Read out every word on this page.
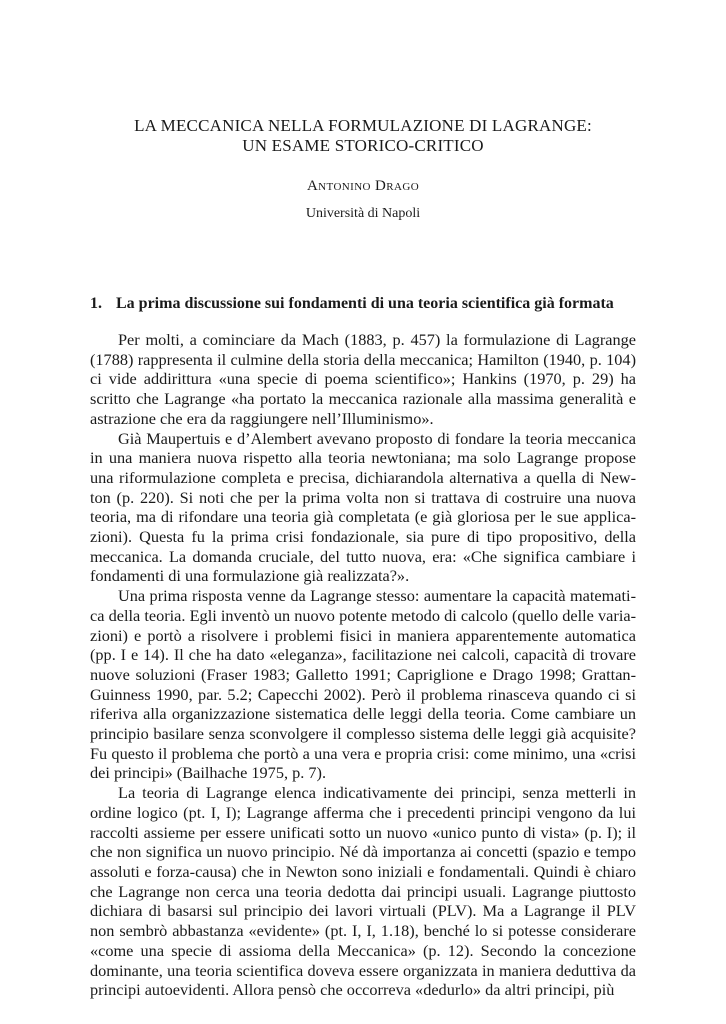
LA MECCANICA NELLA FORMULAZIONE DI LAGRANGE:
UN ESAME STORICO-CRITICO
Antonino Drago
Università di Napoli
1. La prima discussione sui fondamenti di una teoria scientifica già formata

Per molti, a cominciare da Mach (1883, p. 457) la formulazione di Lagrange (1788) rappresenta il culmine della storia della meccanica; Hamilton (1940, p. 104) ci vide addirittura «una specie di poema scientifico»; Hankins (1970, p. 29) ha scritto che Lagrange «ha portato la meccanica razionale alla massima generalità e astrazione che era da raggiungere nell’Illuminismo».

Già Maupertuis e d’Alembert avevano proposto di fondare la teoria meccanica in una maniera nuova rispetto alla teoria newtoniana; ma solo Lagrange propose una riformulazione completa e precisa, dichiarandola alternativa a quella di Newton (p. 220). Si noti che per la prima volta non si trattava di costruire una nuova teoria, ma di rifondare una teoria già completata (e già gloriosa per le sue applicazioni). Questa fu la prima crisi fondazionale, sia pure di tipo propositivo, della meccanica. La domanda cruciale, del tutto nuova, era: «Che significa cambiare i fondamenti di una formulazione già realizzata?».

Una prima risposta venne da Lagrange stesso: aumentare la capacità matematica della teoria. Egli inventò un nuovo potente metodo di calcolo (quello delle variazioni) e portò a risolvere i problemi fisici in maniera apparentemente automatica (pp. I e 14). Il che ha dato «eleganza», facilitazione nei calcoli, capacità di trovare nuove soluzioni (Fraser 1983; Galletto 1991; Capriglione e Drago 1998; Grattan-Guinness 1990, par. 5.2; Capecchi 2002). Però il problema rinasceva quando ci si riferiva alla organizzazione sistematica delle leggi della teoria. Come cambiare un principio basilare senza sconvolgere il complesso sistema delle leggi già acquisite? Fu questo il problema che portò a una vera e propria crisi: come minimo, una «crisi dei principi» (Bailhache 1975, p. 7).

La teoria di Lagrange elenca indicativamente dei principi, senza metterli in ordine logico (pt. I, I); Lagrange afferma che i precedenti principi vengono da lui raccolti assieme per essere unificati sotto un nuovo «unico punto di vista» (p. I); il che non significa un nuovo principio. Né dà importanza ai concetti (spazio e tempo assoluti e forza-causa) che in Newton sono iniziali e fondamentali. Quindi è chiaro che Lagrange non cerca una teoria dedotta dai principi usuali. Lagrange piuttosto dichiara di basarsi sul principio dei lavori virtuali (PLV). Ma a Lagrange il PLV non sembrò abbastanza «evidente» (pt. I, I, 1.18), benché lo si potesse considerare «come una specie di assioma della Meccanica» (p. 12). Secondo la concezione dominante, una teoria scientifica doveva essere organizzata in maniera deduttiva da principi autoevidenti. Allora pensò che occorreva «dedurlo» da altri principi, più
